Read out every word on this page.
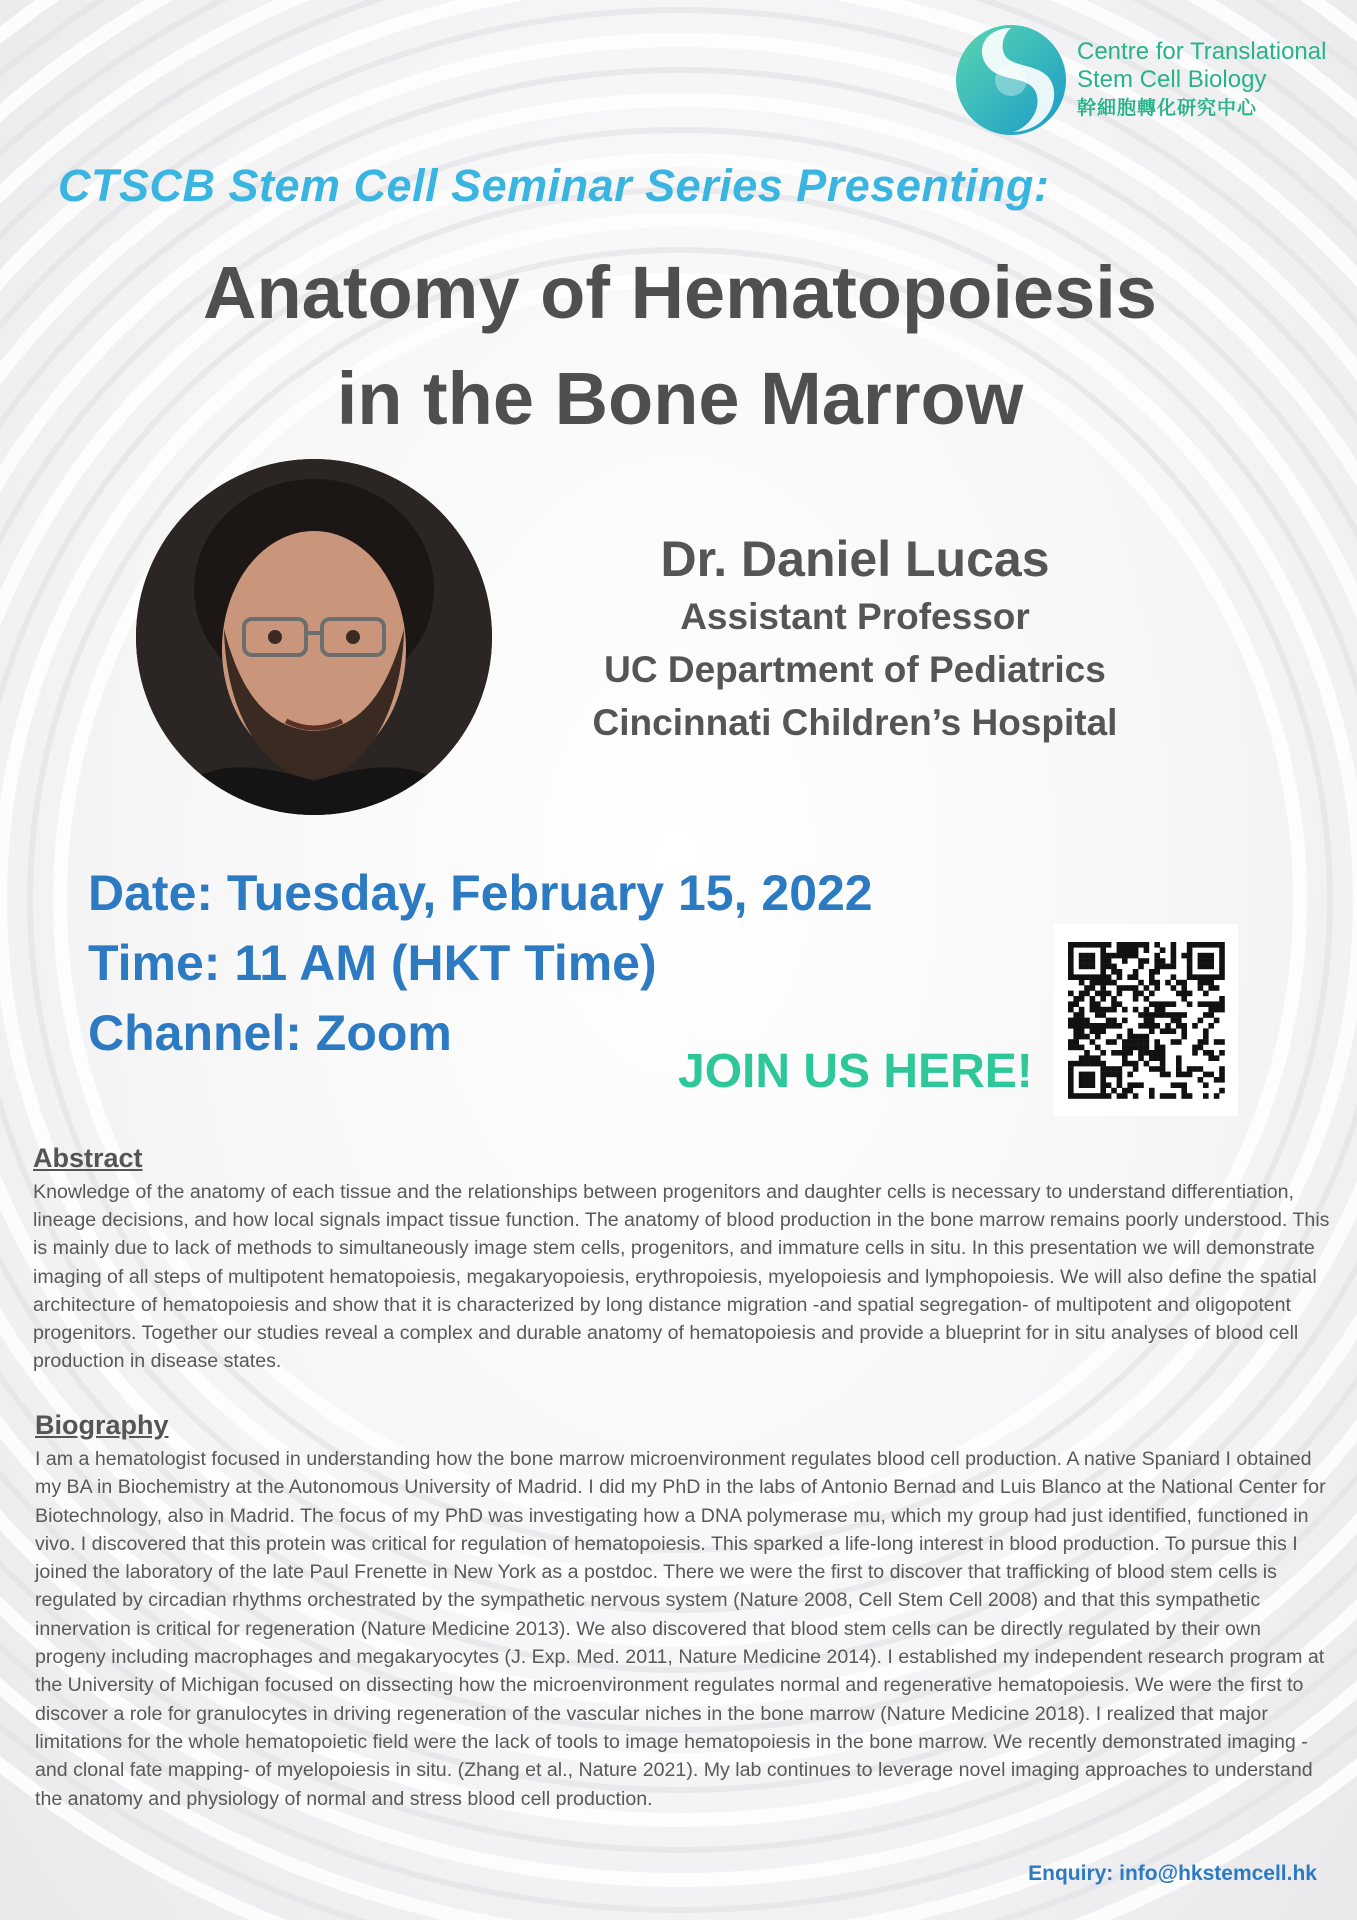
Centre for Translational
Stem Cell Biology
幹細胞轉化研究中心
CTSCB Stem Cell Seminar Series Presenting:
Anatomy of Hematopoiesis
in the Bone Marrow
Dr. Daniel Lucas
Assistant Professor
UC Department of Pediatrics
Cincinnati Children’s Hospital
Date: Tuesday, February 15, 2022
Time: 11 AM (HKT Time)
Channel: Zoom
JOIN US HERE!
Abstract

Knowledge of the anatomy of each tissue and the relationships between progenitors and daughter cells is necessary to understand differentiation, lineage decisions, and how local signals impact tissue function. The anatomy of blood production in the bone marrow remains poorly understood. This is mainly due to lack of methods to simultaneously image stem cells, progenitors, and immature cells in situ. In this presentation we will demonstrate imaging of all steps of multipotent hematopoiesis, megakaryopoiesis, erythropoiesis, myelopoiesis and lymphopoiesis. We will also define the spatial architecture of hematopoiesis and show that it is characterized by long distance migration -and spatial segregation- of multipotent and oligopotent progenitors. Together our studies reveal a complex and durable anatomy of hematopoiesis and provide a blueprint for in situ analyses of blood cell production in disease states.

Biography

I am a hematologist focused in understanding how the bone marrow microenvironment regulates blood cell production. A native Spaniard I obtained my BA in Biochemistry at the Autonomous University of Madrid. I did my PhD in the labs of Antonio Bernad and Luis Blanco at the National Center for Biotechnology, also in Madrid. The focus of my PhD was investigating how a DNA polymerase mu, which my group had just identified, functioned in vivo. I discovered that this protein was critical for regulation of hematopoiesis. This sparked a life-long interest in blood production. To pursue this I joined the laboratory of the late Paul Frenette in New York as a postdoc. There we were the first to discover that trafficking of blood stem cells is regulated by circadian rhythms orchestrated by the sympathetic nervous system (Nature 2008, Cell Stem Cell 2008) and that this sympathetic innervation is critical for regeneration (Nature Medicine 2013). We also discovered that blood stem cells can be directly regulated by their own progeny including macrophages and megakaryocytes (J. Exp. Med. 2011, Nature Medicine 2014). I established my independent research program at the University of Michigan focused on dissecting how the microenvironment regulates normal and regenerative hematopoiesis. We were the first to discover a role for granulocytes in driving regeneration of the vascular niches in the bone marrow (Nature Medicine 2018). I realized that major limitations for the whole hematopoietic field were the lack of tools to image hematopoiesis in the bone marrow. We recently demonstrated imaging -and clonal fate mapping- of myelopoiesis in situ. (Zhang et al., Nature 2021). My lab continues to leverage novel imaging approaches to understand the anatomy and physiology of normal and stress blood cell production.

Enquiry: info@hkstemcell.hk
